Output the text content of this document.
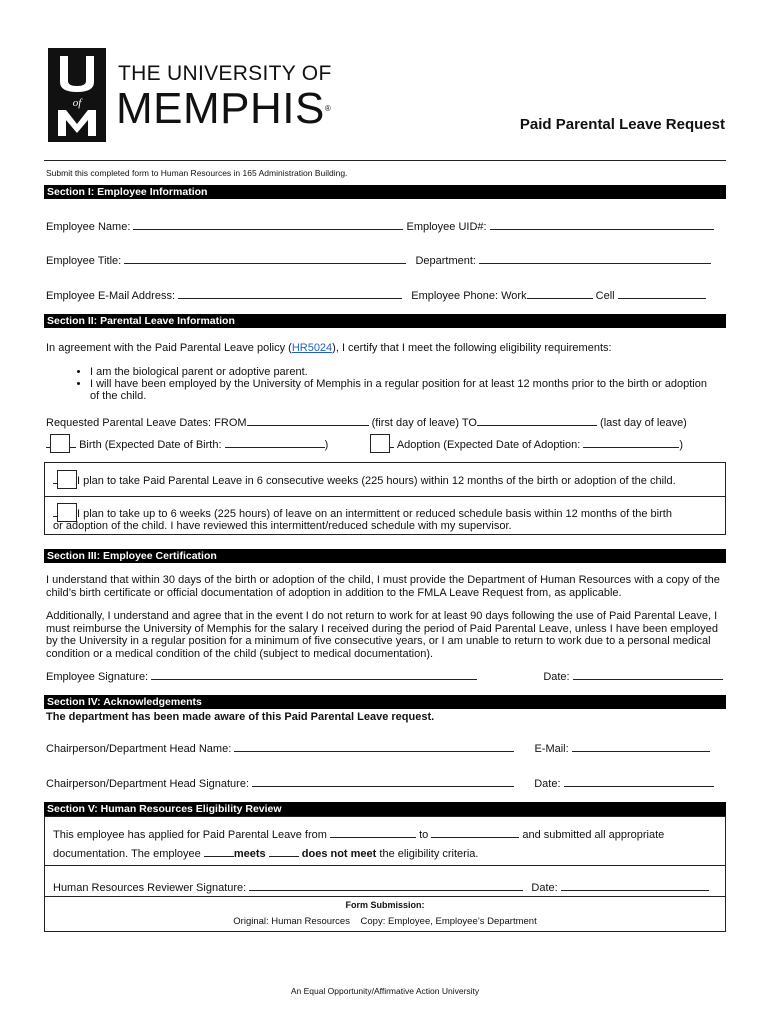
of
THE UNIVERSITY OF
MEMPHIS®
Paid Parental Leave Request
Submit this completed form to Human Resources in 165 Administration Building.
Section I: Employee Information
Employee Name:	Employee UID#:
Employee Title:	Department:
Employee E-Mail Address:	Employee Phone: Work	Cell
Section II: Parental Leave Information
In agreement with the Paid Parental Leave policy (HR5024), I certify that I meet the following eligibility requirements:
• I am the biological parent or adoptive parent.
• I will have been employed by the University of Memphis in a regular position for at least 12 months prior to the birth or adoption of the child.
Requested Parental Leave Dates: FROM	(first day of leave) TO	(last day of leave)
Birth (Expected Date of Birth:	)	Adoption (Expected Date of Adoption:	)
I plan to take Paid Parental Leave in 6 consecutive weeks (225 hours) within 12 months of the birth or adoption of the child.
I plan to take up to 6 weeks (225 hours) of leave on an intermittent or reduced schedule basis within 12 months of the birth
or adoption of the child. I have reviewed this intermittent/reduced schedule with my supervisor.
Section III: Employee Certification
I understand that within 30 days of the birth or adoption of the child, I must provide the Department of Human Resources with a copy of the child’s birth certificate or official documentation of adoption in addition to the FMLA Leave Request from, as applicable.
Additionally, I understand and agree that in the event I do not return to work for at least 90 days following the use of Paid Parental Leave, I must reimburse the University of Memphis for the salary I received during the period of Paid Parental Leave, unless I have been employed by the University in a regular position for a minimum of five consecutive years, or I am unable to return to work due to a personal medical condition or a medical condition of the child (subject to medical documentation).
Employee Signature:	Date:
Section IV: Acknowledgements
The department has been made aware of this Paid Parental Leave request.
Chairperson/Department Head Name:	E-Mail:
Chairperson/Department Head Signature:	Date:
Section V: Human Resources Eligibility Review
This employee has applied for Paid Parental Leave from	to	and submitted all appropriate
documentation. The employee	meets	does not meet the eligibility criteria.
Human Resources Reviewer Signature:	Date:
Form Submission:
Original: Human Resources    Copy: Employee, Employee’s Department
An Equal Opportunity/Affirmative Action University
